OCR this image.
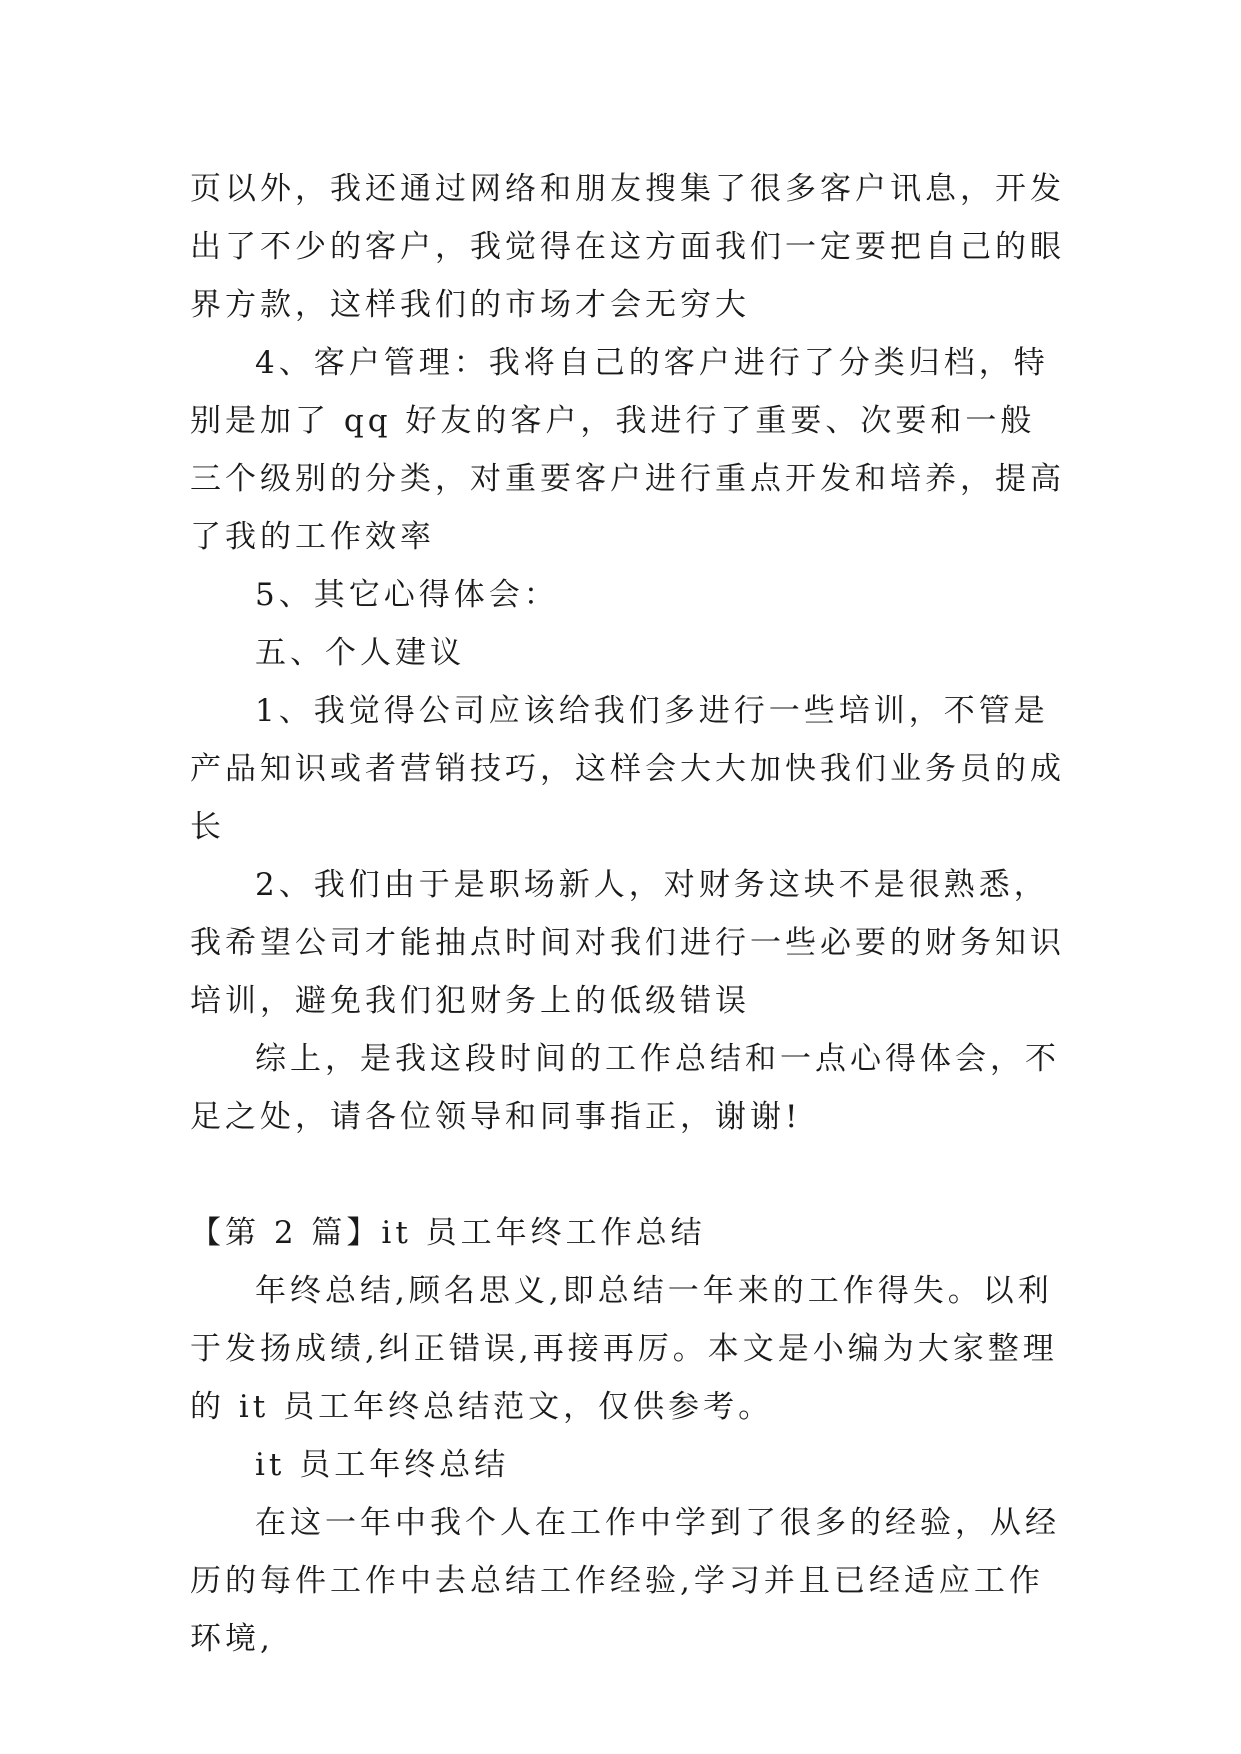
页以外，我还通过网络和朋友搜集了很多客户讯息，开发出了不少的客户，我觉得在这方面我们一定要把自己的眼界方款，这样我们的市场才会无穷大

4、客户管理：我将自己的客户进行了分类归档，特别是加了 qq 好友的客户，我进行了重要、次要和一般三个级别的分类，对重要客户进行重点开发和培养，提高了我的工作效率

5、其它心得体会：

五、个人建议

1、我觉得公司应该给我们多进行一些培训，不管是产品知识或者营销技巧，这样会大大加快我们业务员的成长

2、我们由于是职场新人，对财务这块不是很熟悉，我希望公司才能抽点时间对我们进行一些必要的财务知识培训，避免我们犯财务上的低级错误

综上，是我这段时间的工作总结和一点心得体会，不足之处，请各位领导和同事指正，谢谢!

【第 2 篇】it 员工年终工作总结

年终总结,顾名思义,即总结一年来的工作得失。以利于发扬成绩,纠正错误,再接再厉。本文是小编为大家整理的 it 员工年终总结范文，仅供参考。

it 员工年终总结

在这一年中我个人在工作中学到了很多的经验，从经历的每件工作中去总结工作经验,学习并且已经适应工作环境,
